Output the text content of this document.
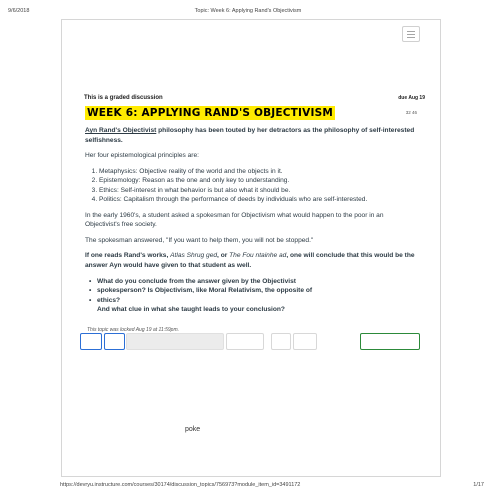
9/6/2018	Topic: Week 6: Applying Rand's Objectivism
This is a graded discussion	due Aug 19
32 46
WEEK 6: APPLYING RAND'S OBJECTIVISM

Ayn Rand's Objectivist philosophy has been touted by her detractors as the philosophy of self-interested selfishness.

Her four epistemological principles are:

1. Metaphysics: Objective reality of the world and the objects in it.
2. Epistemology: Reason as the one and only key to understanding.
3. Ethics: Self-interest in what behavior is but also what it should be.
4. Politics: Capitalism through the performance of deeds by individuals who are self-interested.

In the early 1960's, a student asked a spokesman for Objectivism what would happen to the poor in an Objectivist's free society.

The spokesman answered, "If you want to help them, you will not be stopped."

If one reads Rand's works, Atlas Shrug ged, or The Fou ntainhe ad, one will conclude that this would be the answer Ayn would have given to that student as well.

• What do you conclude from the answer given by the Objectivist
• spokesperson? Is Objectivism, like Moral Relativism, the opposite of
• ethics?
And what clue in what she taught leads to your conclusion?
This topic was locked Aug 19 at 11:59pm.
poke
https://devryu.instructure.com/courses/30174/discussion_topics/756973?module_item_id=3491172	1/17
